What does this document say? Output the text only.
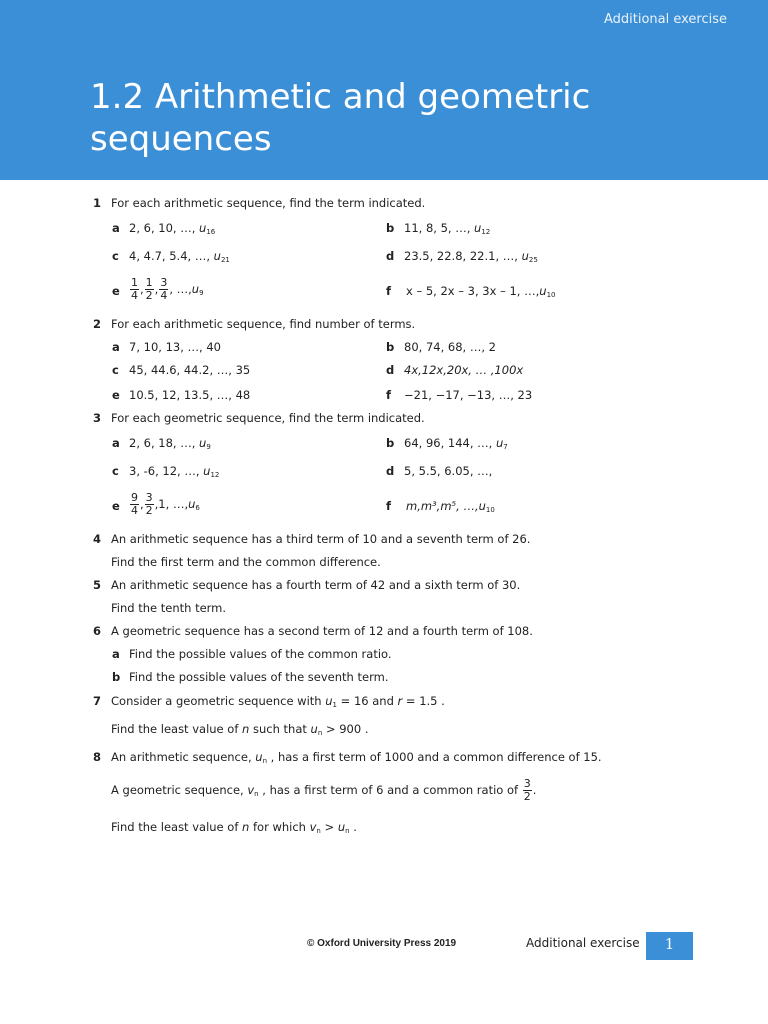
Additional exercise
1.2 Arithmetic and geometric sequences
1 For each arithmetic sequence, find the term indicated.
a 2, 6, 10, …, $u_{16}$	b 11, 8, 5, …, $u_{12}$
c 4, 4.7, 5.4, …, $u_{21}$	d 23.5, 22.8, 22.1, …, $u_{25}$
e $\frac{1}{4}$ , $\frac{1}{2}$ , $\frac{3}{4}$ , $\dots,u_9$	f x – 5, 2x – 3, 3x – 1, $\dots,u_{10}$
2 For each arithmetic sequence, find number of terms.
a 7, 10, 13, …, 40	b 80, 74, 68, …, 2
c 45, 44.6, 44.2, …, 35	d 4x,12x,20x, … ,100x
e 10.5, 12, 13.5, …, 48	f −21, −17, −13, …, 23
3 For each geometric sequence, find the term indicated.
a 2, 6, 18, …, $u_9$	b 64, 96, 144, …, $u_7$
c 3, -6, 12, …, $u_{12}$	d 5, 5.5, 6.05, …,
e $\frac{9}{4}$ , $\frac{3}{2} ,1$, $\dots,u_6$	f m,m³,m⁵, $\dots,u_{10}$
4 An arithmetic sequence has a third term of 10 and a seventh term of 26.
Find the first term and the common difference.
5 An arithmetic sequence has a fourth term of 42 and a sixth term of 30.
Find the tenth term.
6 A geometric sequence has a second term of 12 and a fourth term of 108.
a Find the possible values of the common ratio.
b Find the possible values of the seventh term.
7 Consider a geometric sequence with $u_1 = 16$ and r = 1.5 .
Find the least value of n such that $u_n > 900$ .
8 An arithmetic sequence, $u_n$ , has a first term of 1000 and a common difference of 15.
A geometric sequence, $v_n$ , has a first term of 6 and a common ratio of $\frac{3}{2}$ .
Find the least value of n for which $v_n > u_n$ .
© Oxford University Press 2019	Additional exercise	1
